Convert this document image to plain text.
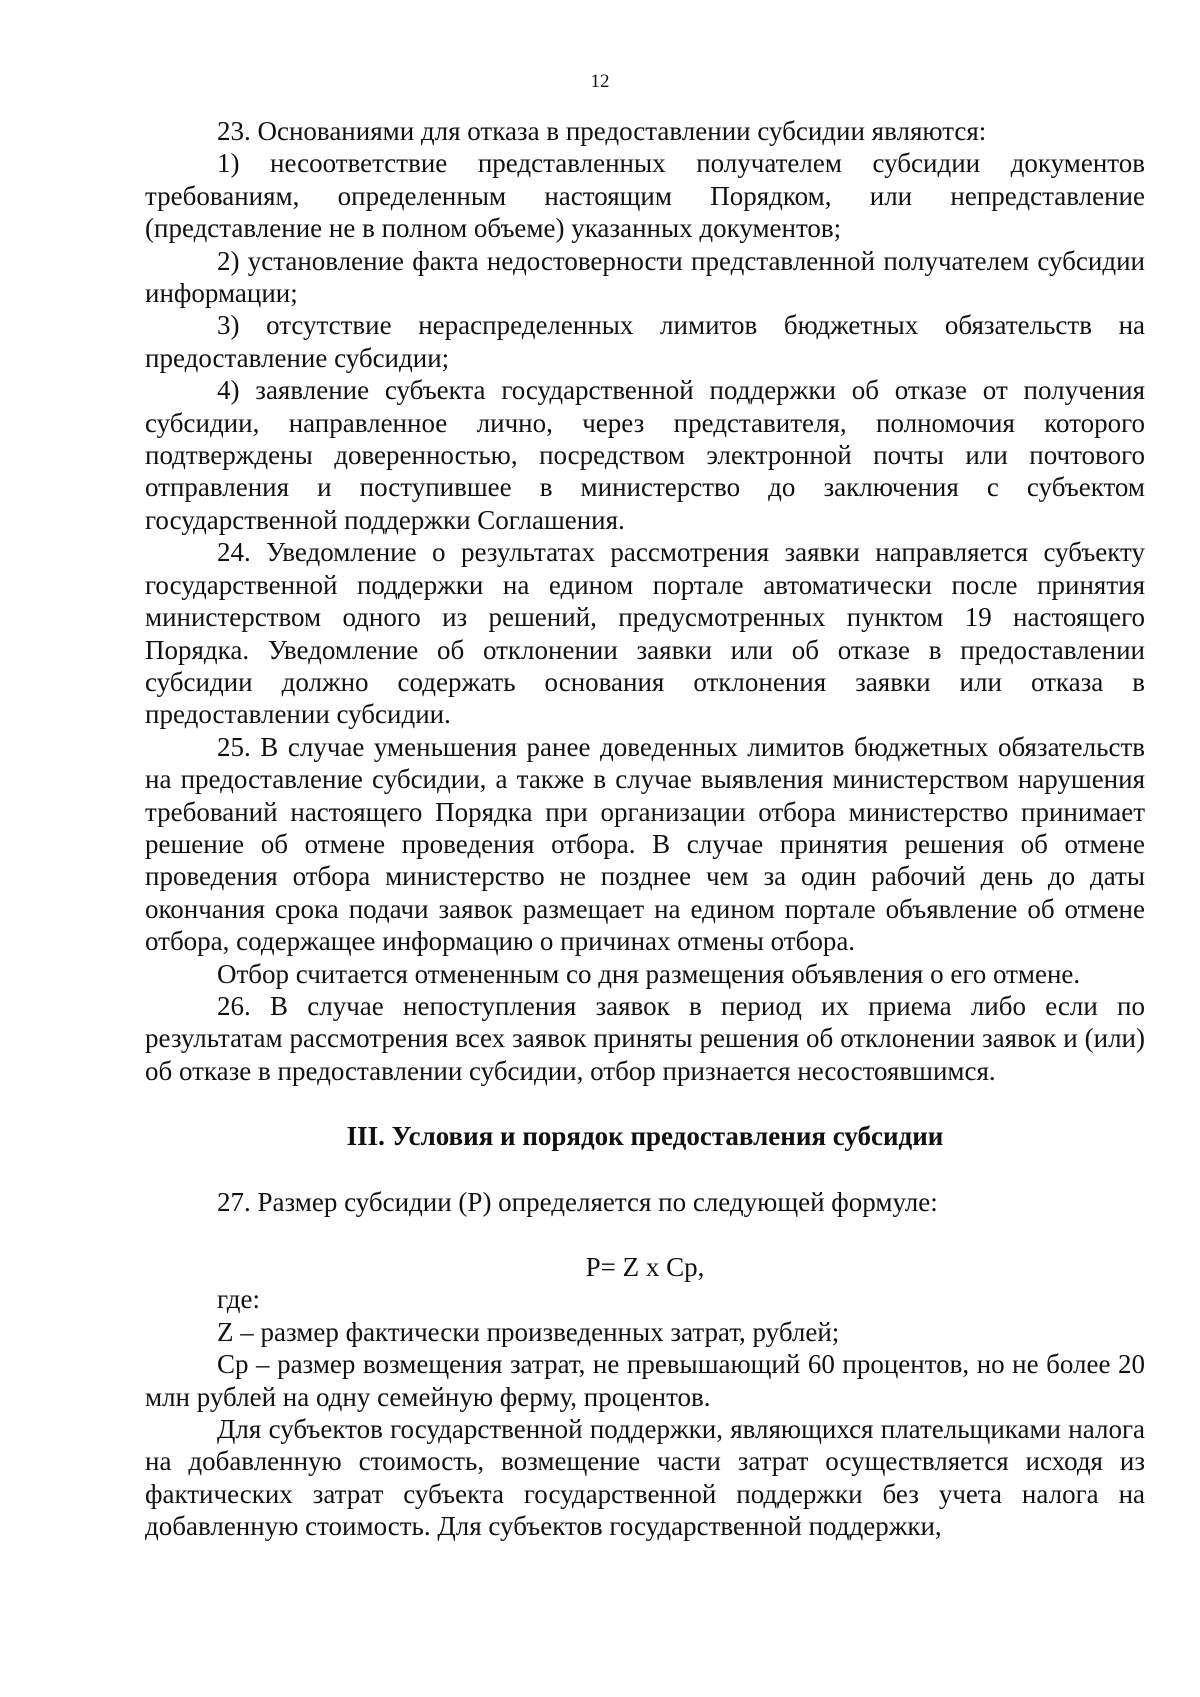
12

23. Основаниями для отказа в предоставлении субсидии являются:

1) несоответствие представленных получателем субсидии документов требованиям, определенным настоящим Порядком, или непредставление (представление не в полном объеме) указанных документов;

2) установление факта недостоверности представленной получателем субсидии информации;

3) отсутствие нераспределенных лимитов бюджетных обязательств на предоставление субсидии;

4) заявление субъекта государственной поддержки об отказе от получения субсидии, направленное лично, через представителя, полномочия которого подтверждены доверенностью, посредством электронной почты или почтового отправления и поступившее в министерство до заключения с субъектом государственной поддержки Соглашения.

24. Уведомление о результатах рассмотрения заявки направляется субъекту государственной поддержки на едином портале автоматически после принятия министерством одного из решений, предусмотренных пунктом 19 настоящего Порядка. Уведомление об отклонении заявки или об отказе в предоставлении субсидии должно содержать основания отклонения заявки или отказа в предоставлении субсидии.

25. В случае уменьшения ранее доведенных лимитов бюджетных обязательств на предоставление субсидии, а также в случае выявления министерством нарушения требований настоящего Порядка при организации отбора министерство принимает решение об отмене проведения отбора. В случае принятия решения об отмене проведения отбора министерство не позднее чем за один рабочий день до даты окончания срока подачи заявок размещает на едином портале объявление об отмене отбора, содержащее информацию о причинах отмены отбора.

Отбор считается отмененным со дня размещения объявления о его отмене.

26. В случае непоступления заявок в период их приема либо если по результатам рассмотрения всех заявок приняты решения об отклонении заявок и (или) об отказе в предоставлении субсидии, отбор признается несостоявшимся.

III. Условия и порядок предоставления субсидии

27. Размер субсидии (P) определяется по следующей формуле:

P= Z x Cp,

где:

Z – размер фактически произведенных затрат, рублей;

Cp – размер возмещения затрат, не превышающий 60 процентов, но не более 20 млн рублей на одну семейную ферму, процентов.

Для субъектов государственной поддержки, являющихся плательщиками налога на добавленную стоимость, возмещение части затрат осуществляется исходя из фактических затрат субъекта государственной поддержки без учета налога на добавленную стоимость. Для субъектов государственной поддержки,
